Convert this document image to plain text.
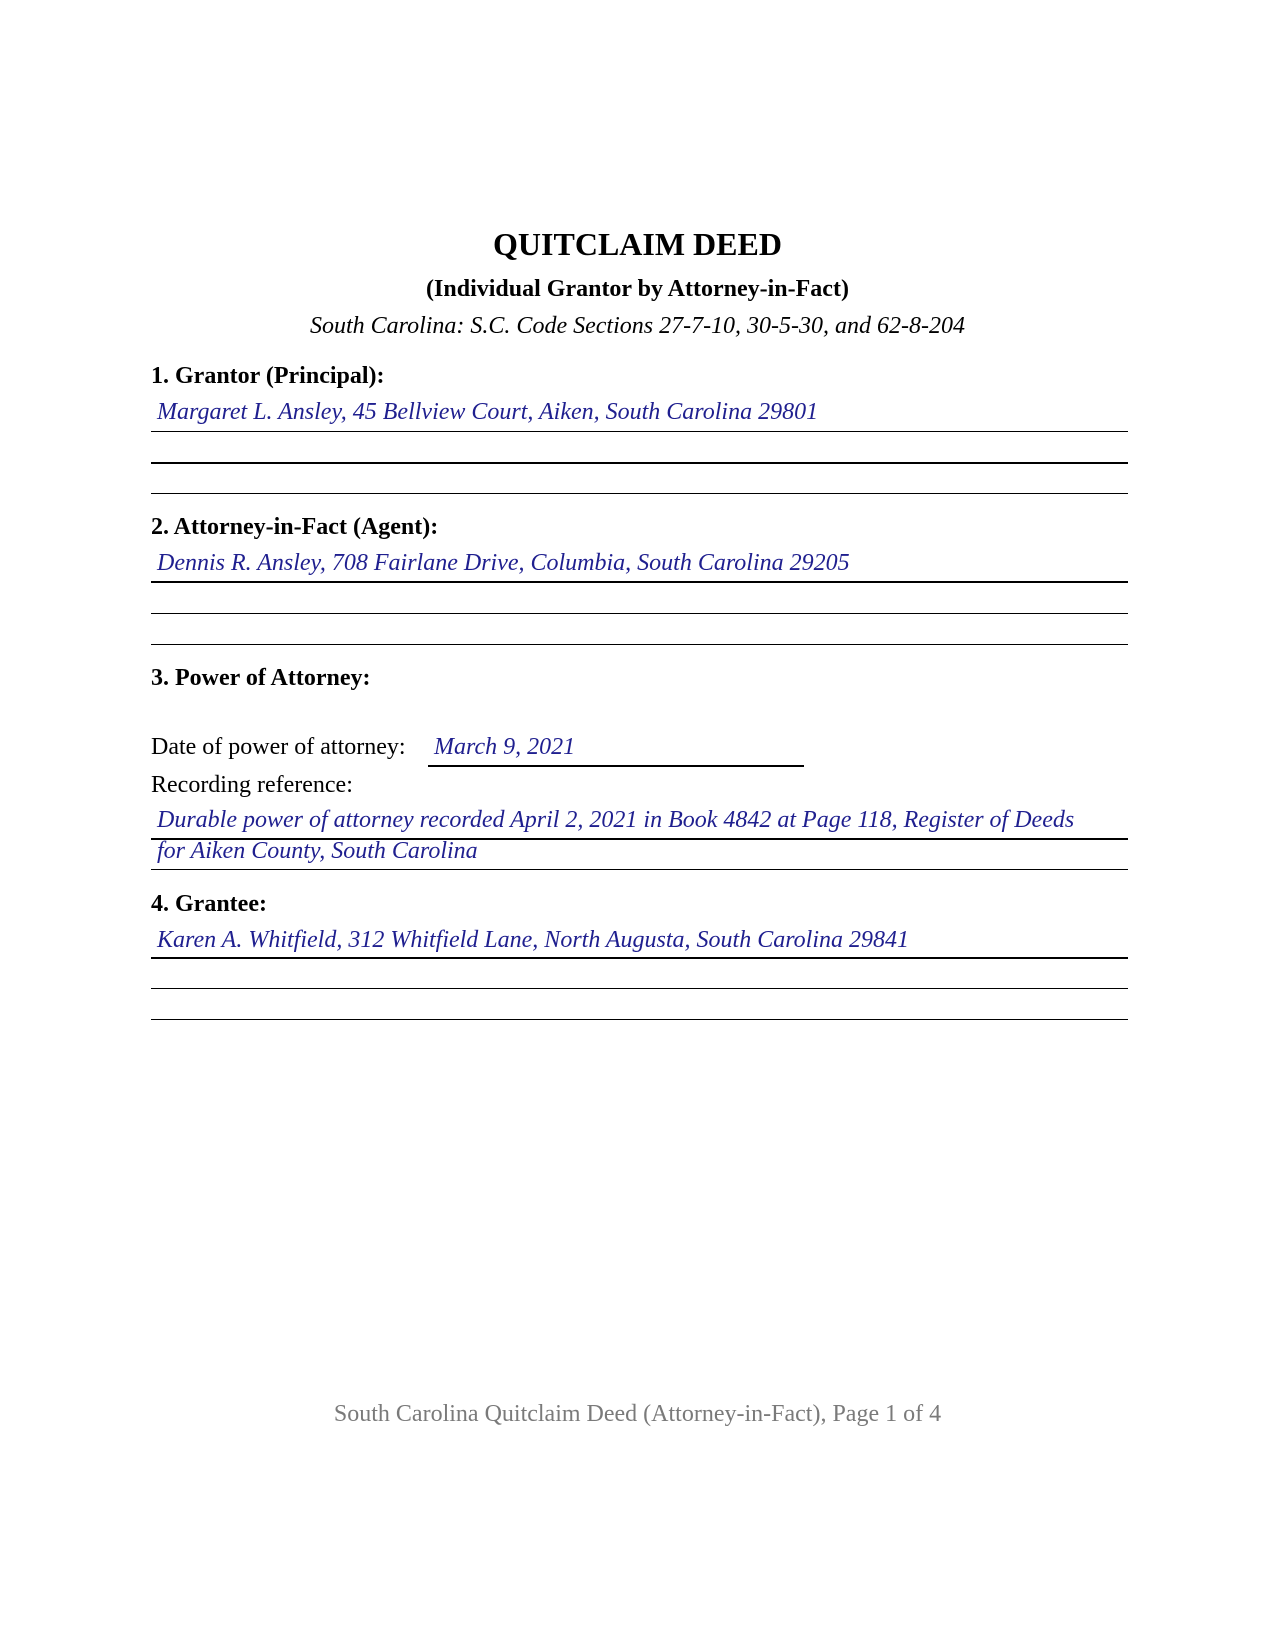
QUITCLAIM DEED
(Individual Grantor by Attorney-in-Fact)
South Carolina: S.C. Code Sections 27-7-10, 30-5-30, and 62-8-204
1. Grantor (Principal):
Margaret L. Ansley, 45 Bellview Court, Aiken, South Carolina 29801
2. Attorney-in-Fact (Agent):
Dennis R. Ansley, 708 Fairlane Drive, Columbia, South Carolina 29205
3. Power of Attorney:
Date of power of attorney: March 9, 2021
Recording reference:
Durable power of attorney recorded April 2, 2021 in Book 4842 at Page 118, Register of Deeds
for Aiken County, South Carolina
4. Grantee:
Karen A. Whitfield, 312 Whitfield Lane, North Augusta, South Carolina 29841
South Carolina Quitclaim Deed (Attorney-in-Fact), Page 1 of 4
